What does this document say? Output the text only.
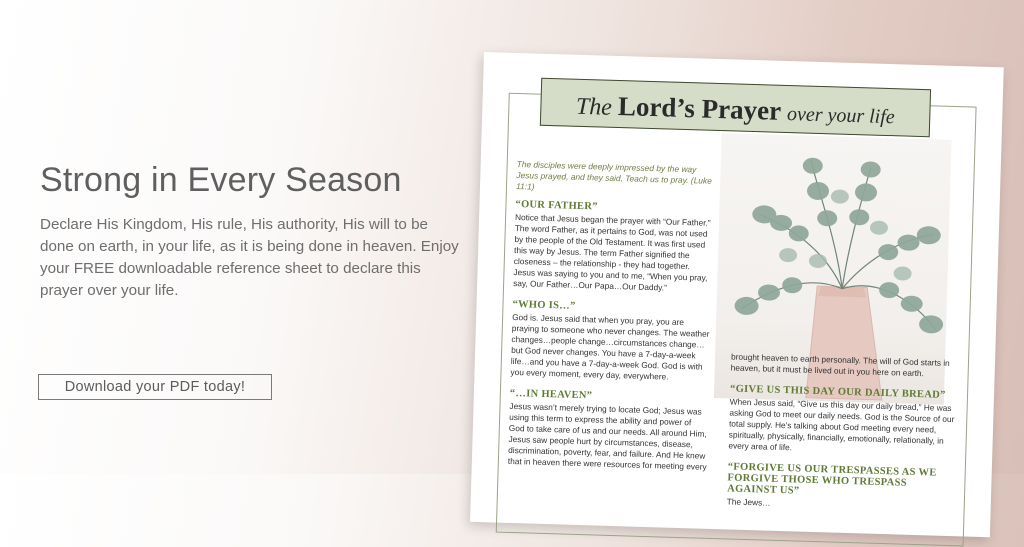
Strong in Every Season

Declare His Kingdom, His rule, His authority, His will to be done on earth, in your life, as it is being done in heaven. Enjoy your FREE downloadable reference sheet to declare this prayer over your life.

Download your PDF today!
The Lord’s Prayer over your life

The disciples were deeply impressed by the way Jesus prayed, and they said, Teach us to pray. (Luke 11:1)

“OUR FATHER”

Notice that Jesus began the prayer with “Our Father.” The word Father, as it pertains to God, was not used by the people of the Old Testament. It was first used this way by Jesus. The term Father signified the closeness – the relationship - they had together. Jesus was saying to you and to me, “When you pray, say, Our Father…Our Papa…Our Daddy.”

“WHO IS…”

God is. Jesus said that when you pray, you are praying to someone who never changes. The weather changes…people change…circumstances change… but God never changes. You have a 7-day-a-week life…and you have a 7-day-a-week God. God is with you every moment, every day, everywhere.

“…IN HEAVEN”

Jesus wasn’t merely trying to locate God; Jesus was using this term to express the ability and power of God to take care of us and our needs. All around Him, Jesus saw people hurt by circumstances, disease, discrimination, poverty, fear, and failure. And He knew that in heaven there were resources for meeting every

brought heaven to earth personally. The will of God starts in heaven, but it must be lived out in you here on earth.

“GIVE US THIS DAY OUR DAILY BREAD”

When Jesus said, “Give us this day our daily bread,” He was asking God to meet our daily needs. God is the Source of our total supply. He’s talking about God meeting every need, spiritually, physically, financially, emotionally, relationally, in every area of life.

“FORGIVE US OUR TRESPASSES AS WE FORGIVE THOSE WHO TRESPASS AGAINST US”

The Jews…
